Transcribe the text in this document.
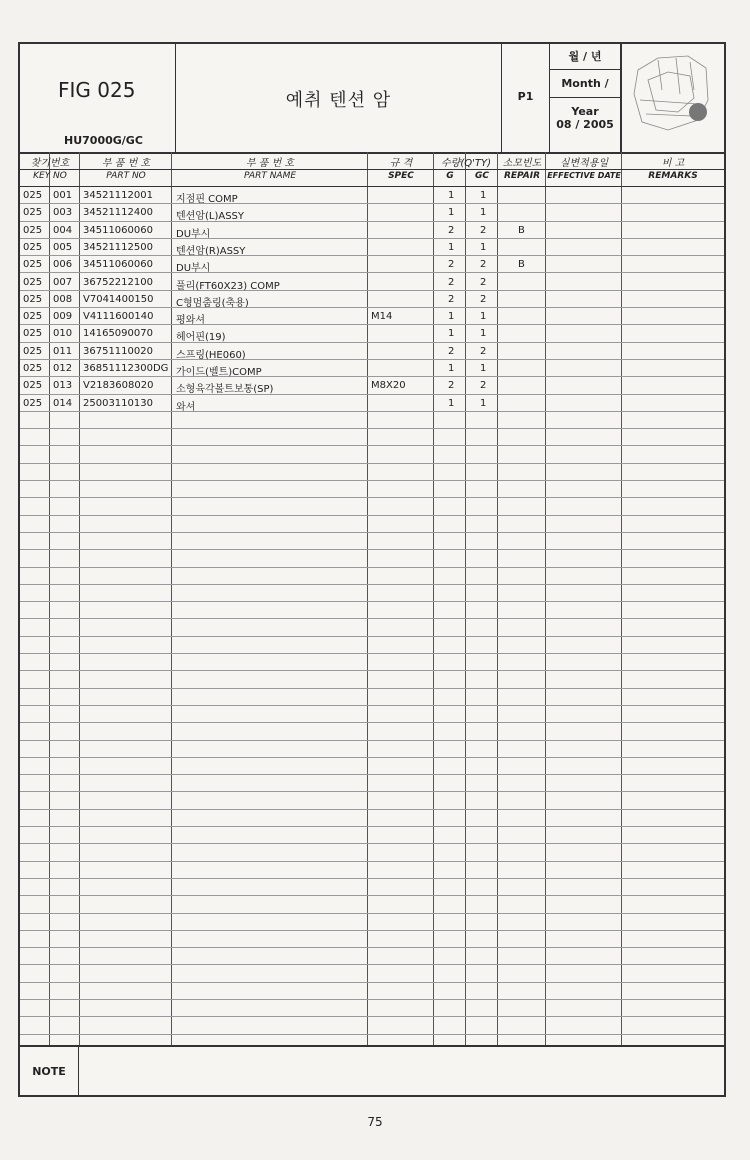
FIG 025
HU7000G/GC
예취 텐션 암	P1
월 / 년
Month / Year
08 / 2005
찾기번호
KEY NO
부 품 번 호
PART NO
부 품 번 호
PART NAME
규 격
SPEC
수량(Q'TY)
G	GC
소모빈도
REPAIR
실변적용일
EFFECTIVE DATE
비 고
REMARKS
025 001 34521112001 지점핀 COMP	1	1
025 003 34521112400 텐션암(L)ASSY	1	1
025 004 34511060060 DU부시	2	2	B
025 005 34521112500 텐션암(R)ASSY	1	1
025 006 34511060060 DU부시	2	2	B
025 007 36752212100 풀리(FT60X23) COMP	2	2
025 008 V7041400150 C형멈춤링(축용)	2	2
025 009 V4111600140 평와셔	M14	1	1
025 010 14165090070 헤어핀(19)	1	1
025 011 36751110020 스프링(HE060)	2	2
025 012 36851112300DG 가이드(벨트)COMP	1	1
025 013 V2183608020 소형육각볼트보통(SP)	M8X20	2	2
025 014 25003110130 와셔	1	1
NOTE
75
